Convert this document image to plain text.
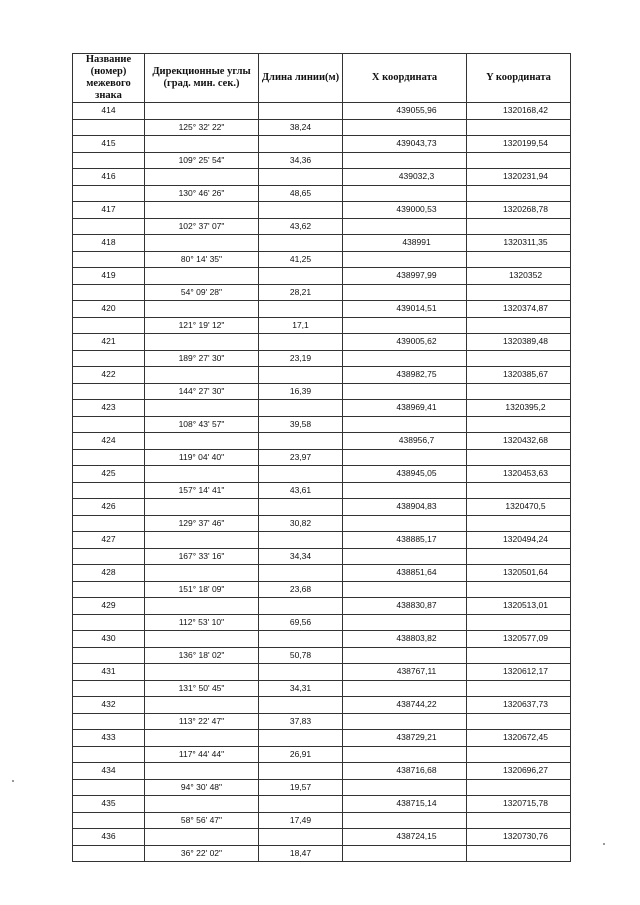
Название (номер) межевого знака	Дирекционные углы (град. мин. сек.)	Длина линии(м)	X координата	Y координата
414			439055,96	1320168,42
	125° 32' 22"	38,24		
415			439043,73	1320199,54
	109° 25' 54"	34,36		
416			439032,3	1320231,94
	130° 46' 26"	48,65		
417			439000,53	1320268,78
	102° 37' 07"	43,62		
418			438991	1320311,35
	80° 14' 35"	41,25		
419			438997,99	1320352
	54° 09' 28"	28,21		
420			439014,51	1320374,87
	121° 19' 12"	17,1		
421			439005,62	1320389,48
	189° 27' 30"	23,19		
422			438982,75	1320385,67
	144° 27' 30"	16,39		
423			438969,41	1320395,2
	108° 43' 57"	39,58		
424			438956,7	1320432,68
	119° 04' 40"	23,97		
425			438945,05	1320453,63
	157° 14' 41"	43,61		
426			438904,83	1320470,5
	129° 37' 46"	30,82		
427			438885,17	1320494,24
	167° 33' 16"	34,34		
428			438851,64	1320501,64
	151° 18' 09"	23,68		
429			438830,87	1320513,01
	112° 53' 10"	69,56		
430			438803,82	1320577,09
	136° 18' 02"	50,78		
431			438767,11	1320612,17
	131° 50' 45"	34,31		
432			438744,22	1320637,73
	113° 22' 47"	37,83		
433			438729,21	1320672,45
	117° 44' 44"	26,91		
434			438716,68	1320696,27
	94° 30' 48"	19,57		
435			438715,14	1320715,78
	58° 56' 47"	17,49		
436			438724,15	1320730,76
	36° 22' 02"	18,47		
